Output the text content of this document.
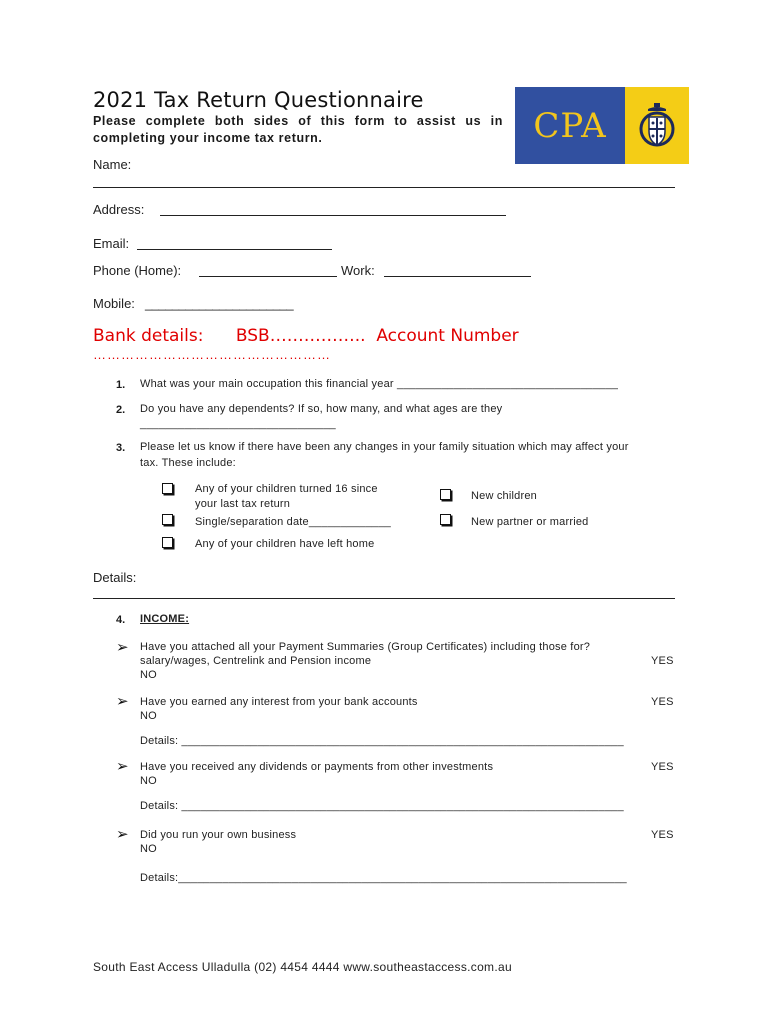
2021 Tax Return Questionnaire
Please complete both sides of this form to assist us in completing your income tax return.	CPA
Name:
Address:
Email:
Phone (Home):	Work:
Mobile: ______________________
Bank details:      BSB……………..  Account Number
……………………………………………
1. What was your main occupation this financial year ___________________________________
2. Do you have any dependents? If so, how many, and what ages are they
_______________________________
3. Please let us know if there have been any changes in your family situation which may affect your
tax. These include:
Any of your children turned 16 since
your last tax return
New children
Single/separation date_____________	New partner or married
Any of your children have left home
Details:
4. INCOME:
➢ Have you attached all your Payment Summaries (Group Certificates) including those for?
salary/wages, Centrelink and Pension income	YES
NO
➢ Have you earned any interest from your bank accounts	YES
NO
Details: ______________________________________________________________________
➢ Have you received any dividends or payments from other investments	YES
NO
Details: ______________________________________________________________________
➢ Did you run your own business	YES
NO
Details:_______________________________________________________________________
South East Access Ulladulla (02) 4454 4444 www.southeastaccess.com.au
